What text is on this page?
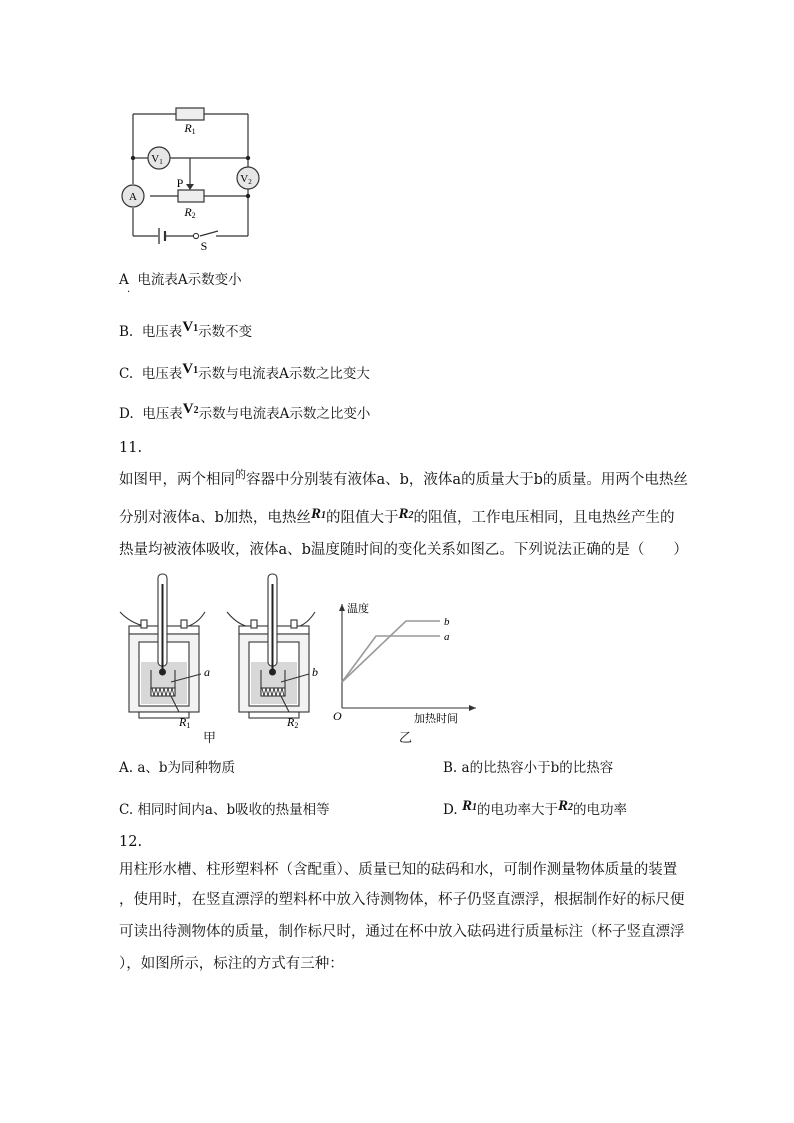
R1
R2
V1
V2
A
P
S
A 电流表A示数变小
·
B. 电压表V1示数不变
C. 电压表V1示数与电流表A示数之比变大
D. 电压表V2示数与电流表A示数之比变小
11.
如图甲，两个相同$^的$容器中分别装有液体a、b，液体a的质量大于b的质量。用两个电热丝
分别对液体a、b加热，电热丝R1的阻值大于R2的阻值，工作电压相同，且电热丝产生的
热量均被液体吸收，液体a、b温度随时间的变化关系如图乙。下列说法正确的是（　　）
a	b
R1	R2
甲
温度
b
a
O	加热时间
乙
A. a、b为同种物质	B. a的比热容小于b的比热容
C. 相同时间内a、b吸收的热量相等	D. R1的电功率大于R2的电功率
12.
用柱形水槽、柱形塑料杯（含配重）、质量已知的砝码和水，可制作测量物体质量的装置
，使用时，在竖直漂浮的塑料杯中放入待测物体，杯子仍竖直漂浮，根据制作好的标尺便
可读出待测物体的质量，制作标尺时，通过在杯中放入砝码进行质量标注（杯子竖直漂浮
），如图所示，标注的方式有三种：
